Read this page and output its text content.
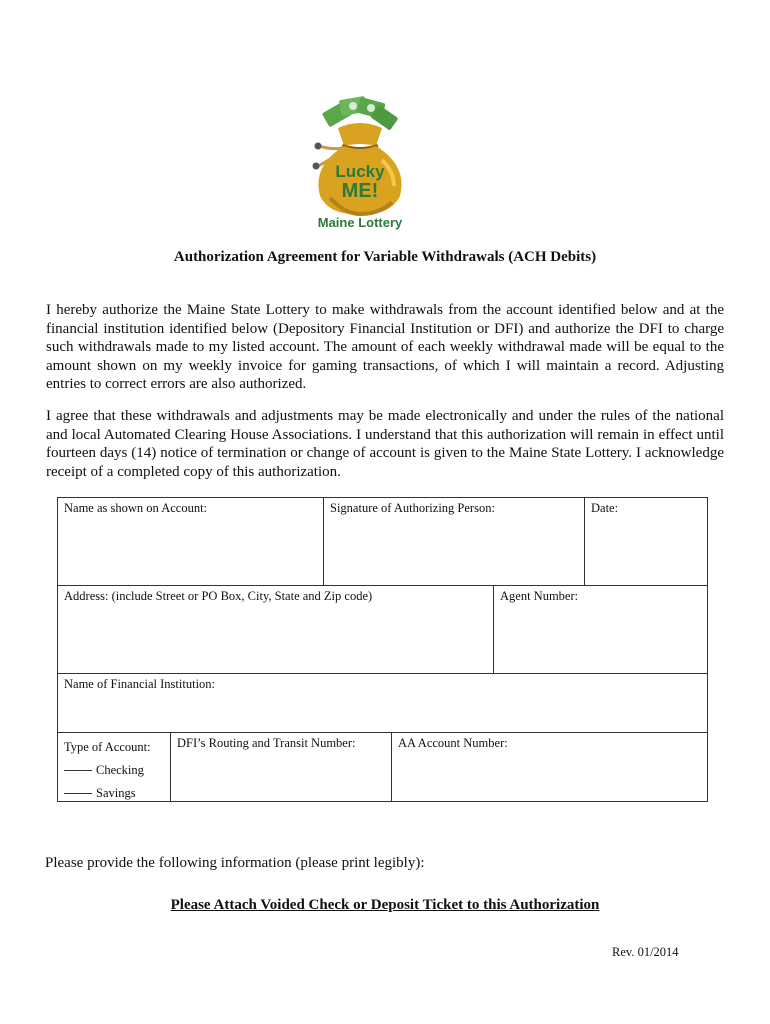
Lucky
ME!
Maine Lottery
Authorization Agreement for Variable Withdrawals (ACH Debits)

I hereby authorize the Maine State Lottery to make withdrawals from the account identified below and at the financial institution identified below (Depository Financial Institution or DFI) and authorize the DFI to charge such withdrawals made to my listed account. The amount of each weekly withdrawal made will be equal to the amount shown on my weekly invoice for gaming transactions, of which I will maintain a record. Adjusting entries to correct errors are also authorized.

I agree that these withdrawals and adjustments may be made electronically and under the rules of the national and local Automated Clearing House Associations. I understand that this authorization will remain in effect until fourteen days (14) notice of termination or change of account is given to the Maine State Lottery. I acknowledge receipt of a completed copy of this authorization.

Name as shown on Account:	Signature of Authorizing Person:	Date:
Address: (include Street or PO Box, City, State and Zip code)	Agent Number:
Name of Financial Institution:
Type of Account:
Checking
Savings
DFI’s Routing and Transit Number:	AA Account Number:
Please provide the following information (please print legibly):
Please Attach Voided Check or Deposit Ticket to this Authorization
Rev. 01/2014
